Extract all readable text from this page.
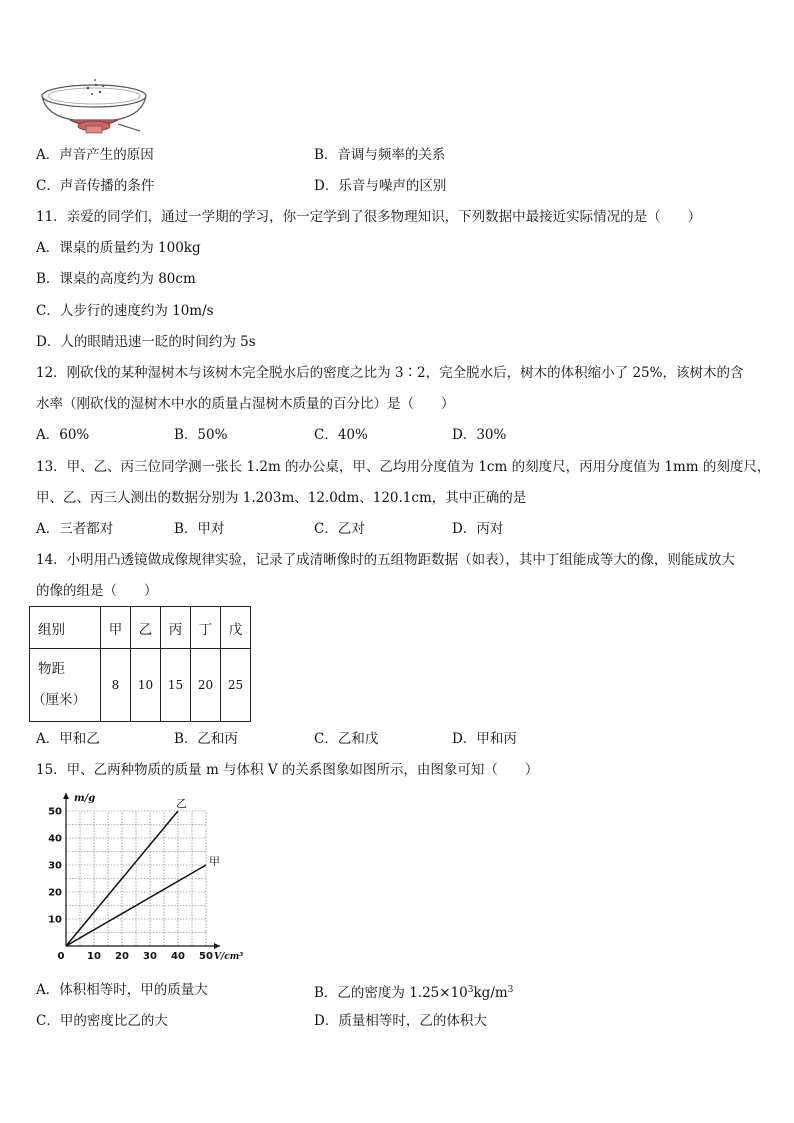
A．声音产生的原因	B．音调与频率的关系
C．声音传播的条件	D．乐音与噪声的区别
11．亲爱的同学们，通过一学期的学习，你一定学到了很多物理知识，下列数据中最接近实际情况的是（　　）
A．课桌的质量约为 100kg
B．课桌的高度约为 80cm
C．人步行的速度约为 10m/s
D．人的眼睛迅速一眨的时间约为 5s
12．刚砍伐的某种湿树木与该树木完全脱水后的密度之比为 3∶2，完全脱水后，树木的体积缩小了 25%，该树木的含
水率（刚砍伐的湿树木中水的质量占湿树木质量的百分比）是（　　）
A．60%	B．50%	C．40%	D．30%
13．甲、乙、丙三位同学测一张长 1.2m 的办公桌，甲、乙均用分度值为 1cm 的刻度尺，丙用分度值为 1mm 的刻度尺，
甲、乙、丙三人测出的数据分别为 1.203m、12.0dm、120.1cm，其中正确的是
A．三者都对	B．甲对	C．乙对	D．丙对
14．小明用凸透镜做成像规律实验，记录了成清晰像时的五组物距数据（如表），其中丁组能成等大的像，则能成放大
的像的组是（　　）
组别	甲	乙	丙	丁	戊
物距
（厘米）	8	10	15	20	25
A．甲和乙	B．乙和丙	C．乙和戊	D．甲和丙
15．甲、乙两种物质的质量 m 与体积 V 的关系图象如图所示，由图象可知（　　）
0 10 20 30 40 50
10
20
30
40
50
m/g
V/cm³
乙
甲
A．体积相等时，甲的质量大	B．乙的密度为 $1.25\times 10^3kg/m^3$
C．甲的密度比乙的大	D．质量相等时，乙的体积大
